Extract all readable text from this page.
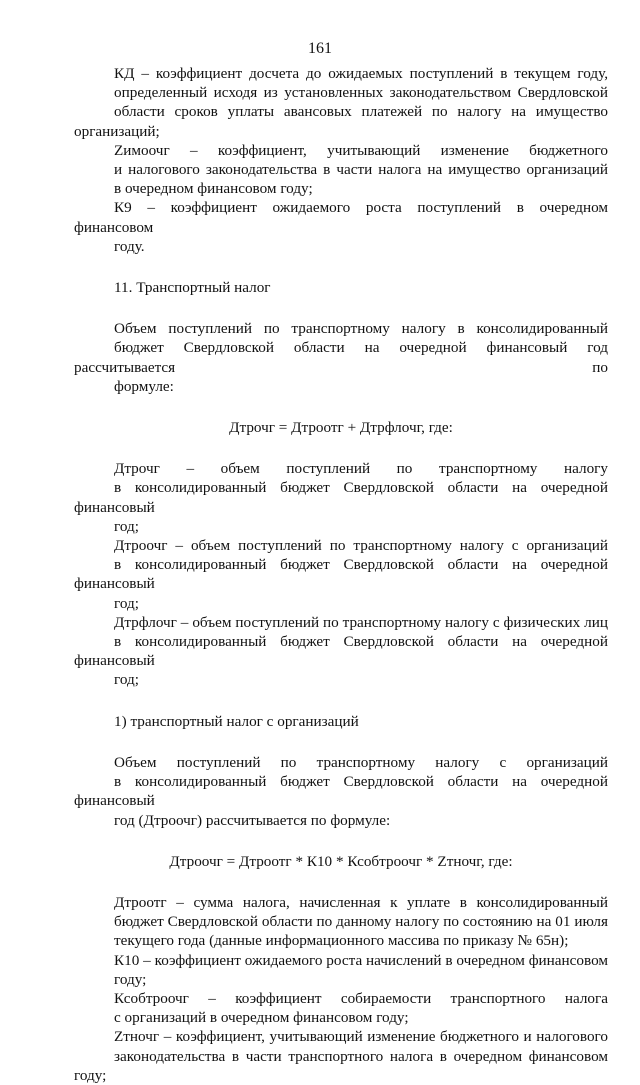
161
КД – коэффициент досчета до ожидаемых поступлений в текущем году,
определенный исходя из установленных законодательством Свердловской
области сроков уплаты авансовых платежей по налогу на имущество организаций;
Zимоочг – коэффициент, учитывающий изменение бюджетного
и налогового законодательства в части налога на имущество организаций
в очередном финансовом году;
К9 – коэффициент ожидаемого роста поступлений в очередном финансовом
году.
11. Транспортный налог
Объем поступлений по транспортному налогу в консолидированный
бюджет Свердловской области на очередной финансовый год рассчитывается по
формуле:
Дтрочг = Дтроотг + Дтрфлочг, где:
Дтрочг – объем поступлений по транспортному налогу
в консолидированный бюджет Свердловской области на очередной финансовый
год;
Дтроочг – объем поступлений по транспортному налогу с организаций
в консолидированный бюджет Свердловской области на очередной финансовый
год;
Дтрфлочг – объем поступлений по транспортному налогу с физических лиц
в консолидированный бюджет Свердловской области на очередной финансовый
год;
1) транспортный налог с организаций
Объем поступлений по транспортному налогу с организаций
в консолидированный бюджет Свердловской области на очередной финансовый
год (Дтроочг) рассчитывается по формуле:
Дтроочг = Дтроотг * К10 * Ксобтроочг * Zтночг, где:
Дтроотг – сумма налога, начисленная к уплате в консолидированный
бюджет Свердловской области по данному налогу по состоянию на 01 июля
текущего года (данные информационного массива по приказу № 65н);
К10 – коэффициент ожидаемого роста начислений в очередном финансовом
году;
Ксобтроочг – коэффициент собираемости транспортного налога
с организаций в очередном финансовом году;
Zтночг – коэффициент, учитывающий изменение бюджетного и налогового
законодательства в части транспортного налога в очередном финансовом году;
